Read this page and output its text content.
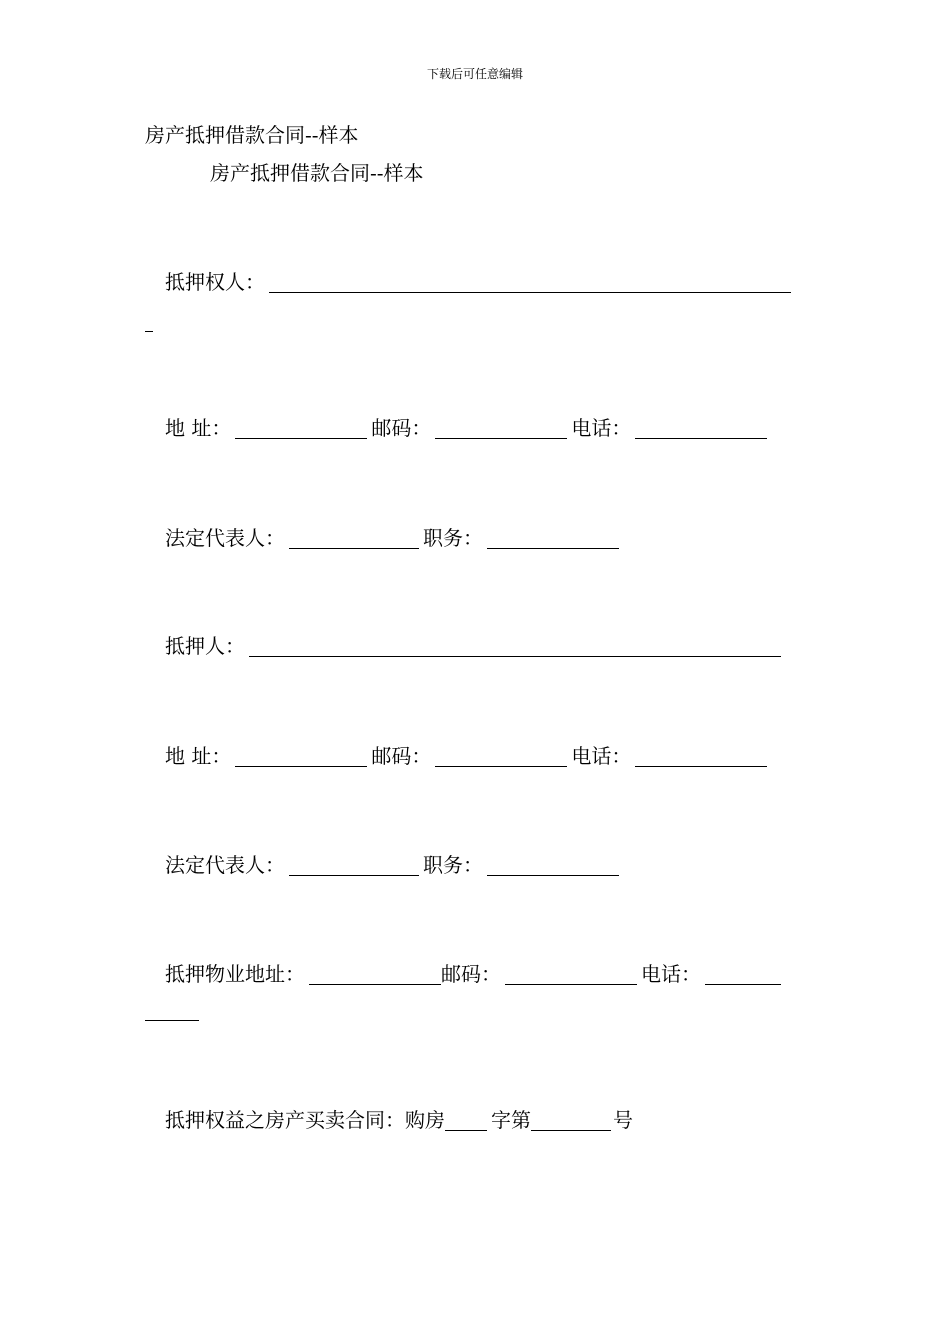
下载后可任意编辑
房产抵押借款合同--样本
房产抵押借款合同--样本
抵押权人：
地 址：	邮码：	电话：
法定代表人：	职务：
抵押人：
地 址：	邮码：	电话：
法定代表人：	职务：
抵押物业地址：	邮码：	电话：
抵押权益之房产买卖合同：购房 字第	号
